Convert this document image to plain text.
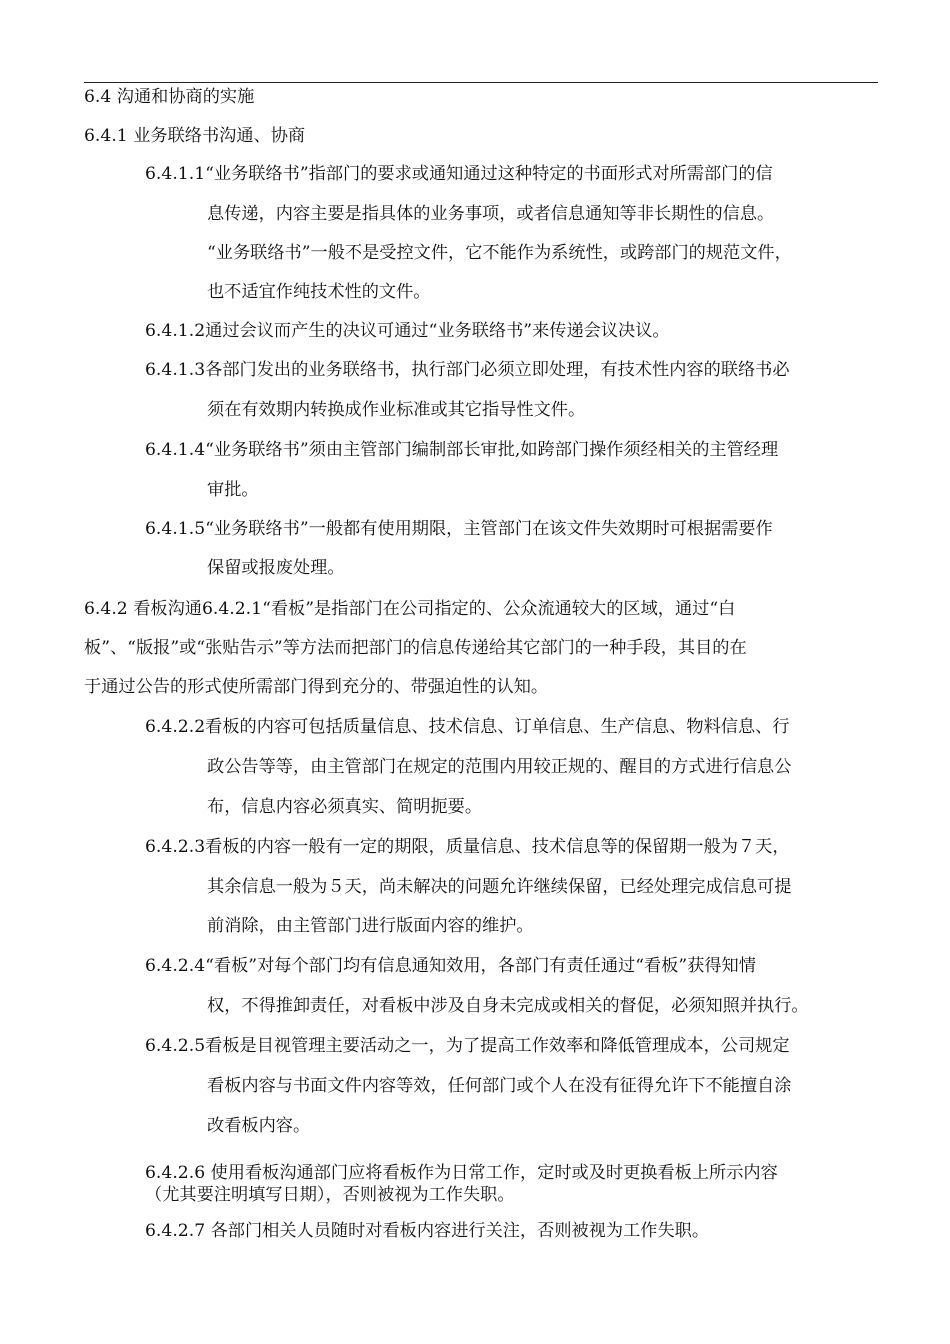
6.4 沟通和协商的实施
6.4.1 业务联络书沟通、协商
6.4.1.1“业务联络书”指部门的要求或通知通过这种特定的书面形式对所需部门的信
息传递，内容主要是指具体的业务事项，或者信息通知等非长期性的信息。
“业务联络书”一般不是受控文件，它不能作为系统性，或跨部门的规范文件，
也不适宜作纯技术性的文件。
6.4.1.2通过会议而产生的决议可通过“业务联络书”来传递会议决议。
6.4.1.3各部门发出的业务联络书，执行部门必须立即处理，有技术性内容的联络书必
须在有效期内转换成作业标准或其它指导性文件。
6.4.1.4“业务联络书”须由主管部门编制部长审批,如跨部门操作须经相关的主管经理
审批。
6.4.1.5“业务联络书”一般都有使用期限，主管部门在该文件失效期时可根据需要作
保留或报废处理。
6.4.2 看板沟通6.4.2.1“看板”是指部门在公司指定的、公众流通较大的区域，通过“白
板”、“版报”或“张贴告示”等方法而把部门的信息传递给其它部门的一种手段，其目的在
于通过公告的形式使所需部门得到充分的、带强迫性的认知。
6.4.2.2看板的内容可包括质量信息、技术信息、订单信息、生产信息、物料信息、行
政公告等等，由主管部门在规定的范围内用较正规的、醒目的方式进行信息公
布，信息内容必须真实、简明扼要。
6.4.2.3看板的内容一般有一定的期限，质量信息、技术信息等的保留期一般为７天，
其余信息一般为５天，尚未解决的问题允许继续保留，已经处理完成信息可提
前消除，由主管部门进行版面内容的维护。
6.4.2.4“看板”对每个部门均有信息通知效用，各部门有责任通过“看板”获得知情
权，不得推卸责任，对看板中涉及自身未完成或相关的督促，必须知照并执行。
6.4.2.5看板是目视管理主要活动之一，为了提高工作效率和降低管理成本，公司规定
看板内容与书面文件内容等效，任何部门或个人在没有征得允许下不能擅自涂
改看板内容。
6.4.2.6 使用看板沟通部门应将看板作为日常工作，定时或及时更换看板上所示内容
（尤其要注明填写日期），否则被视为工作失职。
6.4.2.7 各部门相关人员随时对看板内容进行关注，否则被视为工作失职。
